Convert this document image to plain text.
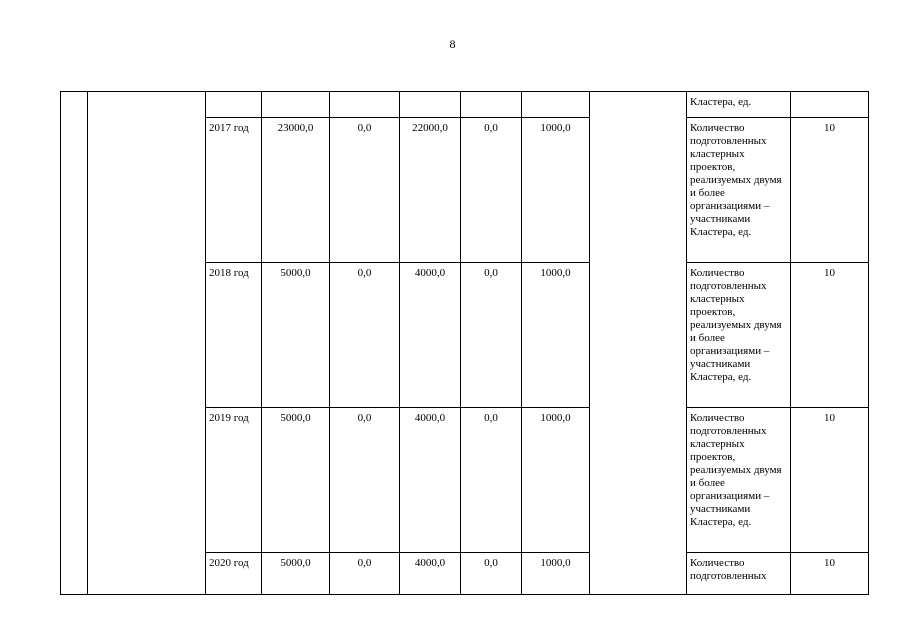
8
									Кластера, ед.	
		2017 год	23000,0	0,0	22000,0	0,0	1000,0		Количество подготовленных кластерных проектов, реализуемых двумя и более организациями – участниками Кластера, ед.	10
		2018 год	5000,0	0,0	4000,0	0,0	1000,0		Количество подготовленных кластерных проектов, реализуемых двумя и более организациями – участниками Кластера, ед.	10
		2019 год	5000,0	0,0	4000,0	0,0	1000,0		Количество подготовленных кластерных проектов, реализуемых двумя и более организациями – участниками Кластера, ед.	10
		2020 год	5000,0	0,0	4000,0	0,0	1000,0		Количество подготовленных	10
